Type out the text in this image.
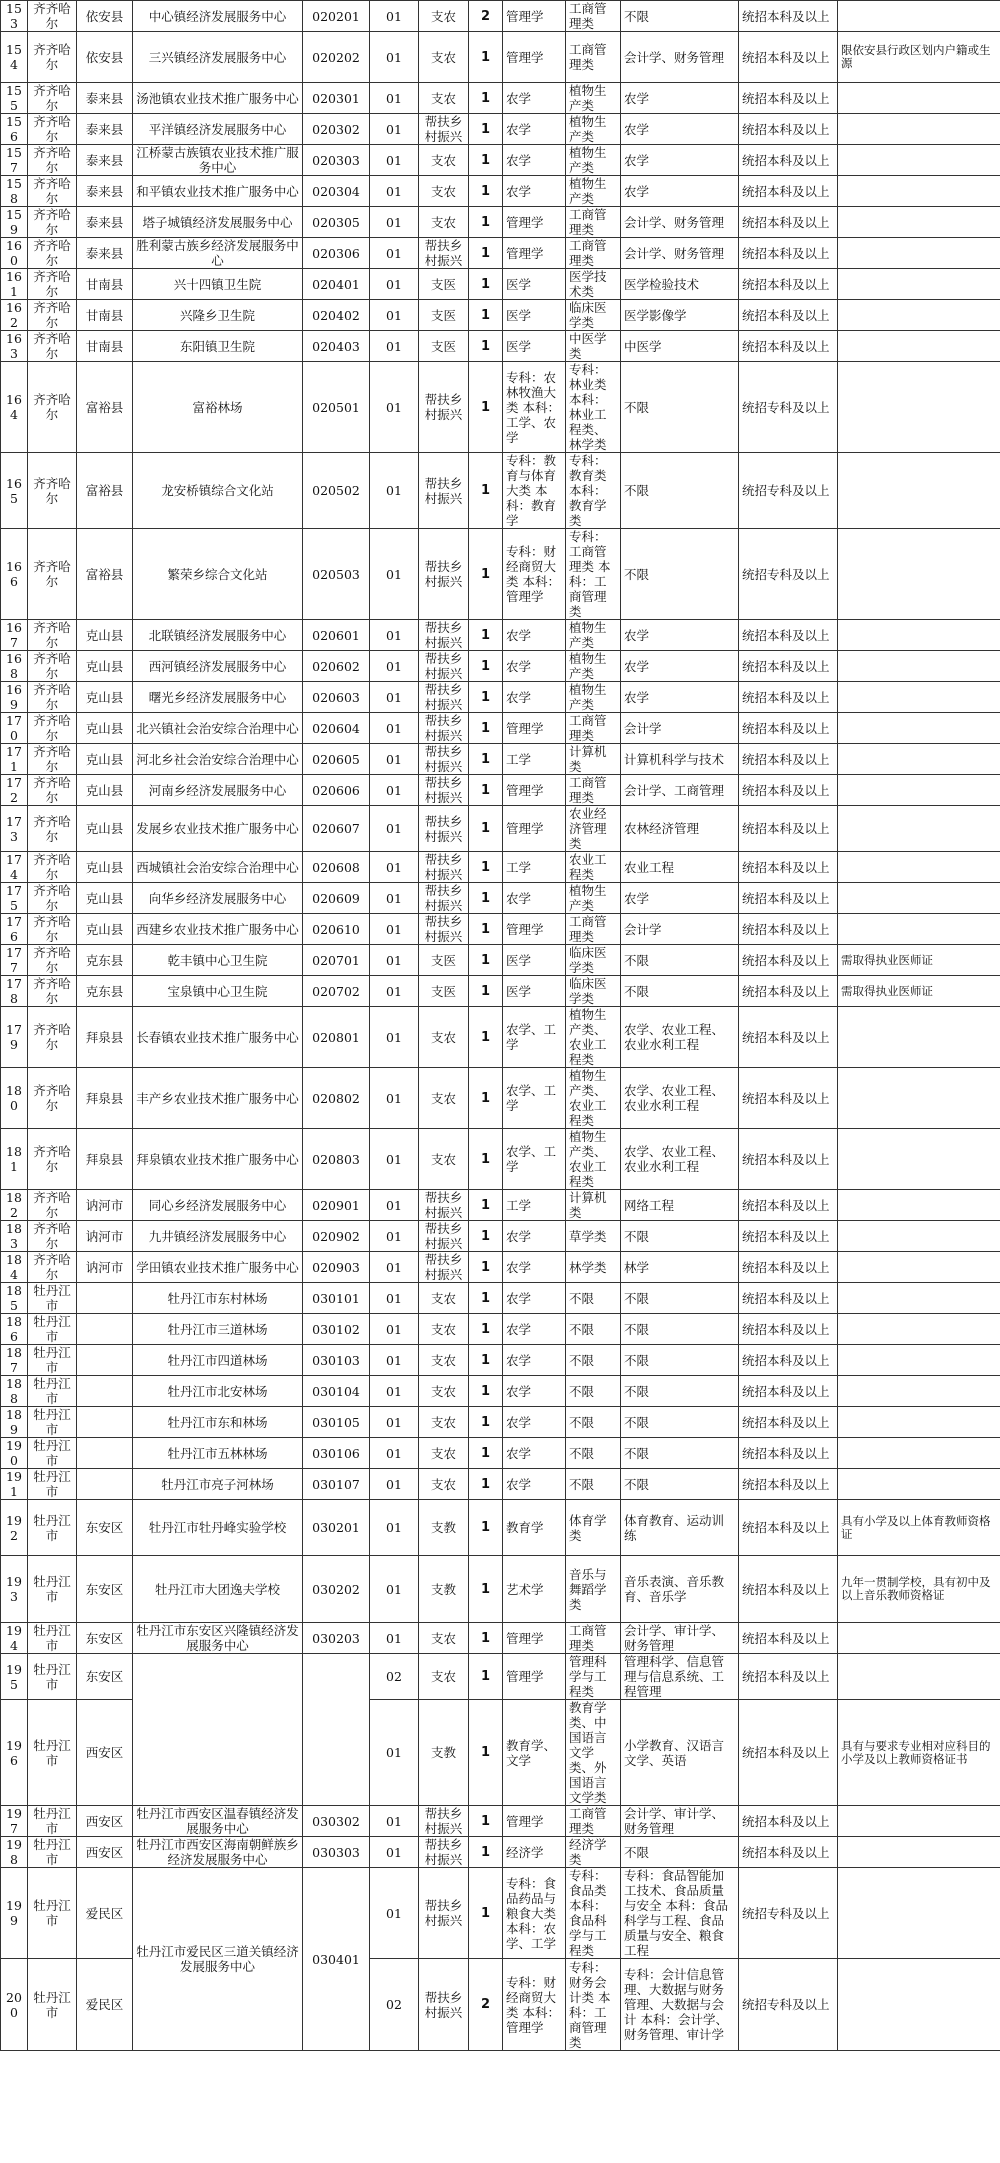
153	齐齐哈尔	依安县	中心镇经济发展服务中心	020201	01	支农	2	管理学	工商管理类	不限	统招本科及以上	
154	齐齐哈尔	依安县	三兴镇经济发展服务中心	020202	01	支农	1	管理学	工商管理类	会计学、财务管理	统招本科及以上	限依安县行政区划内户籍或生源
155	齐齐哈尔	泰来县	汤池镇农业技术推广服务中心	020301	01	支农	1	农学	植物生产类	农学	统招本科及以上	
156	齐齐哈尔	泰来县	平洋镇经济发展服务中心	020302	01	帮扶乡村振兴	1	农学	植物生产类	农学	统招本科及以上	
157	齐齐哈尔	泰来县	江桥蒙古族镇农业技术推广服务中心	020303	01	支农	1	农学	植物生产类	农学	统招本科及以上	
158	齐齐哈尔	泰来县	和平镇农业技术推广服务中心	020304	01	支农	1	农学	植物生产类	农学	统招本科及以上	
159	齐齐哈尔	泰来县	塔子城镇经济发展服务中心	020305	01	支农	1	管理学	工商管理类	会计学、财务管理	统招本科及以上	
160	齐齐哈尔	泰来县	胜利蒙古族乡经济发展服务中心	020306	01	帮扶乡村振兴	1	管理学	工商管理类	会计学、财务管理	统招本科及以上	
161	齐齐哈尔	甘南县	兴十四镇卫生院	020401	01	支医	1	医学	医学技术类	医学检验技术	统招本科及以上	
162	齐齐哈尔	甘南县	兴隆乡卫生院	020402	01	支医	1	医学	临床医学类	医学影像学	统招本科及以上	
163	齐齐哈尔	甘南县	东阳镇卫生院	020403	01	支医	1	医学	中医学类	中医学	统招本科及以上	
164	齐齐哈尔	富裕县	富裕林场	020501	01	帮扶乡村振兴	1	专科：农林牧渔大类 本科：工学、农学	专科：林业类 本科：林业工程类、林学类	不限	统招专科及以上	
165	齐齐哈尔	富裕县	龙安桥镇综合文化站	020502	01	帮扶乡村振兴	1	专科：教育与体育大类 本科：教育学	专科：教育类 本科：教育学类	不限	统招专科及以上	
166	齐齐哈尔	富裕县	繁荣乡综合文化站	020503	01	帮扶乡村振兴	1	专科：财经商贸大类 本科：管理学	专科：工商管理类 本科：工商管理类	不限	统招专科及以上	
167	齐齐哈尔	克山县	北联镇经济发展服务中心	020601	01	帮扶乡村振兴	1	农学	植物生产类	农学	统招本科及以上	
168	齐齐哈尔	克山县	西河镇经济发展服务中心	020602	01	帮扶乡村振兴	1	农学	植物生产类	农学	统招本科及以上	
169	齐齐哈尔	克山县	曙光乡经济发展服务中心	020603	01	帮扶乡村振兴	1	农学	植物生产类	农学	统招本科及以上	
170	齐齐哈尔	克山县	北兴镇社会治安综合治理中心	020604	01	帮扶乡村振兴	1	管理学	工商管理类	会计学	统招本科及以上	
171	齐齐哈尔	克山县	河北乡社会治安综合治理中心	020605	01	帮扶乡村振兴	1	工学	计算机类	计算机科学与技术	统招本科及以上	
172	齐齐哈尔	克山县	河南乡经济发展服务中心	020606	01	帮扶乡村振兴	1	管理学	工商管理类	会计学、工商管理	统招本科及以上	
173	齐齐哈尔	克山县	发展乡农业技术推广服务中心	020607	01	帮扶乡村振兴	1	管理学	农业经济管理类	农林经济管理	统招本科及以上	
174	齐齐哈尔	克山县	西城镇社会治安综合治理中心	020608	01	帮扶乡村振兴	1	工学	农业工程类	农业工程	统招本科及以上	
175	齐齐哈尔	克山县	向华乡经济发展服务中心	020609	01	帮扶乡村振兴	1	农学	植物生产类	农学	统招本科及以上	
176	齐齐哈尔	克山县	西建乡农业技术推广服务中心	020610	01	帮扶乡村振兴	1	管理学	工商管理类	会计学	统招本科及以上	
177	齐齐哈尔	克东县	乾丰镇中心卫生院	020701	01	支医	1	医学	临床医学类	不限	统招本科及以上	需取得执业医师证
178	齐齐哈尔	克东县	宝泉镇中心卫生院	020702	01	支医	1	医学	临床医学类	不限	统招本科及以上	需取得执业医师证
179	齐齐哈尔	拜泉县	长春镇农业技术推广服务中心	020801	01	支农	1	农学、工学	植物生产类、农业工程类	农学、农业工程、农业水利工程	统招本科及以上	
180	齐齐哈尔	拜泉县	丰产乡农业技术推广服务中心	020802	01	支农	1	农学、工学	植物生产类、农业工程类	农学、农业工程、农业水利工程	统招本科及以上	
181	齐齐哈尔	拜泉县	拜泉镇农业技术推广服务中心	020803	01	支农	1	农学、工学	植物生产类、农业工程类	农学、农业工程、农业水利工程	统招本科及以上	
182	齐齐哈尔	讷河市	同心乡经济发展服务中心	020901	01	帮扶乡村振兴	1	工学	计算机类	网络工程	统招本科及以上	
183	齐齐哈尔	讷河市	九井镇经济发展服务中心	020902	01	帮扶乡村振兴	1	农学	草学类	不限	统招本科及以上	
184	齐齐哈尔	讷河市	学田镇农业技术推广服务中心	020903	01	帮扶乡村振兴	1	农学	林学类	林学	统招本科及以上	
185	牡丹江市		牡丹江市东村林场	030101	01	支农	1	农学	不限	不限	统招本科及以上	
186	牡丹江市		牡丹江市三道林场	030102	01	支农	1	农学	不限	不限	统招本科及以上	
187	牡丹江市		牡丹江市四道林场	030103	01	支农	1	农学	不限	不限	统招本科及以上	
188	牡丹江市		牡丹江市北安林场	030104	01	支农	1	农学	不限	不限	统招本科及以上	
189	牡丹江市		牡丹江市东和林场	030105	01	支农	1	农学	不限	不限	统招本科及以上	
190	牡丹江市		牡丹江市五林林场	030106	01	支农	1	农学	不限	不限	统招本科及以上	
191	牡丹江市		牡丹江市亮子河林场	030107	01	支农	1	农学	不限	不限	统招本科及以上	
192	牡丹江市	东安区	牡丹江市牡丹峰实验学校	030201	01	支教	1	教育学	体育学类	体育教育、运动训练	统招本科及以上	具有小学及以上体育教师资格证
193	牡丹江市	东安区	牡丹江市大团逸夫学校	030202	01	支教	1	艺术学	音乐与舞蹈学类	音乐表演、音乐教育、音乐学	统招本科及以上	九年一贯制学校，具有初中及以上音乐教师资格证
194	牡丹江市	东安区	牡丹江市东安区兴隆镇经济发展服务中心	030203	01	支农	1	管理学	工商管理类	会计学、审计学、财务管理	统招本科及以上	
195	牡丹江市	东安区			02	支农	1	管理学	管理科学与工程类	管理科学、信息管理与信息系统、工程管理	统招本科及以上	
196	牡丹江市	西安区			01	支教	1	教育学、文学	教育学类、中国语言文学类、外国语言文学类	小学教育、汉语言文学、英语	统招本科及以上	具有与要求专业相对应科目的小学及以上教师资格证书
197	牡丹江市	西安区	牡丹江市西安区温春镇经济发展服务中心	030302	01	帮扶乡村振兴	1	管理学	工商管理类	会计学、审计学、财务管理	统招本科及以上	
198	牡丹江市	西安区	牡丹江市西安区海南朝鲜族乡经济发展服务中心	030303	01	帮扶乡村振兴	1	经济学	经济学类	不限	统招本科及以上	
199	牡丹江市	爱民区	牡丹江市爱民区三道关镇经济发展服务中心	030401	01	帮扶乡村振兴	1	专科：食品药品与粮食大类 本科：农学、工学	专科：食品类 本科：食品科学与工程类	专科：食品智能加工技术、食品质量与安全 本科：食品科学与工程、食品质量与安全、粮食工程	统招专科及以上	
200	牡丹江市	爱民区			02	帮扶乡村振兴	2	专科：财经商贸大类 本科：管理学	专科：财务会计类 本科：工商管理类	专科：会计信息管理、大数据与财务管理、大数据与会计 本科：会计学、财务管理、审计学	统招专科及以上	
